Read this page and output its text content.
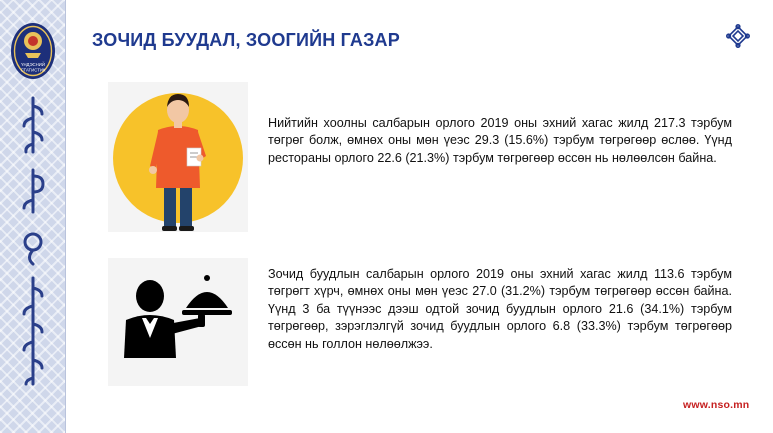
ҮНДЭСНИЙ
СТАТИСТИК
ЗОЧИД БУУДАЛ, ЗООГИЙН ГАЗАР

Нийтийн хоолны салбарын орлого 2019 оны эхний хагас жилд 217.3 тэрбум төгрөг болж, өмнөх оны мөн үеэс 29.3 (15.6%) тэрбум төгрөгөөр өслөө. Үүнд рестораны орлого 22.6 (21.3%) тэрбум төгрөгөөр өссөн нь нөлөөлсөн байна.

Зочид буудлын салбарын орлого 2019 оны эхний хагас жилд 113.6 тэрбум төгрөгт хүрч, өмнөх оны мөн үеэс 27.0 (31.2%) тэрбум төгрөгөөр өссөн байна. Үүнд 3 ба түүнээс дээш одтой зочид буудлын орлого 21.6 (34.1%) тэрбум төгрөгөөр, зэрэглэлгүй зочид буудлын орлого 6.8 (33.3%) тэрбум төгрөгөөр өссөн нь голлон нөлөөлжээ.

www.nso.mn
